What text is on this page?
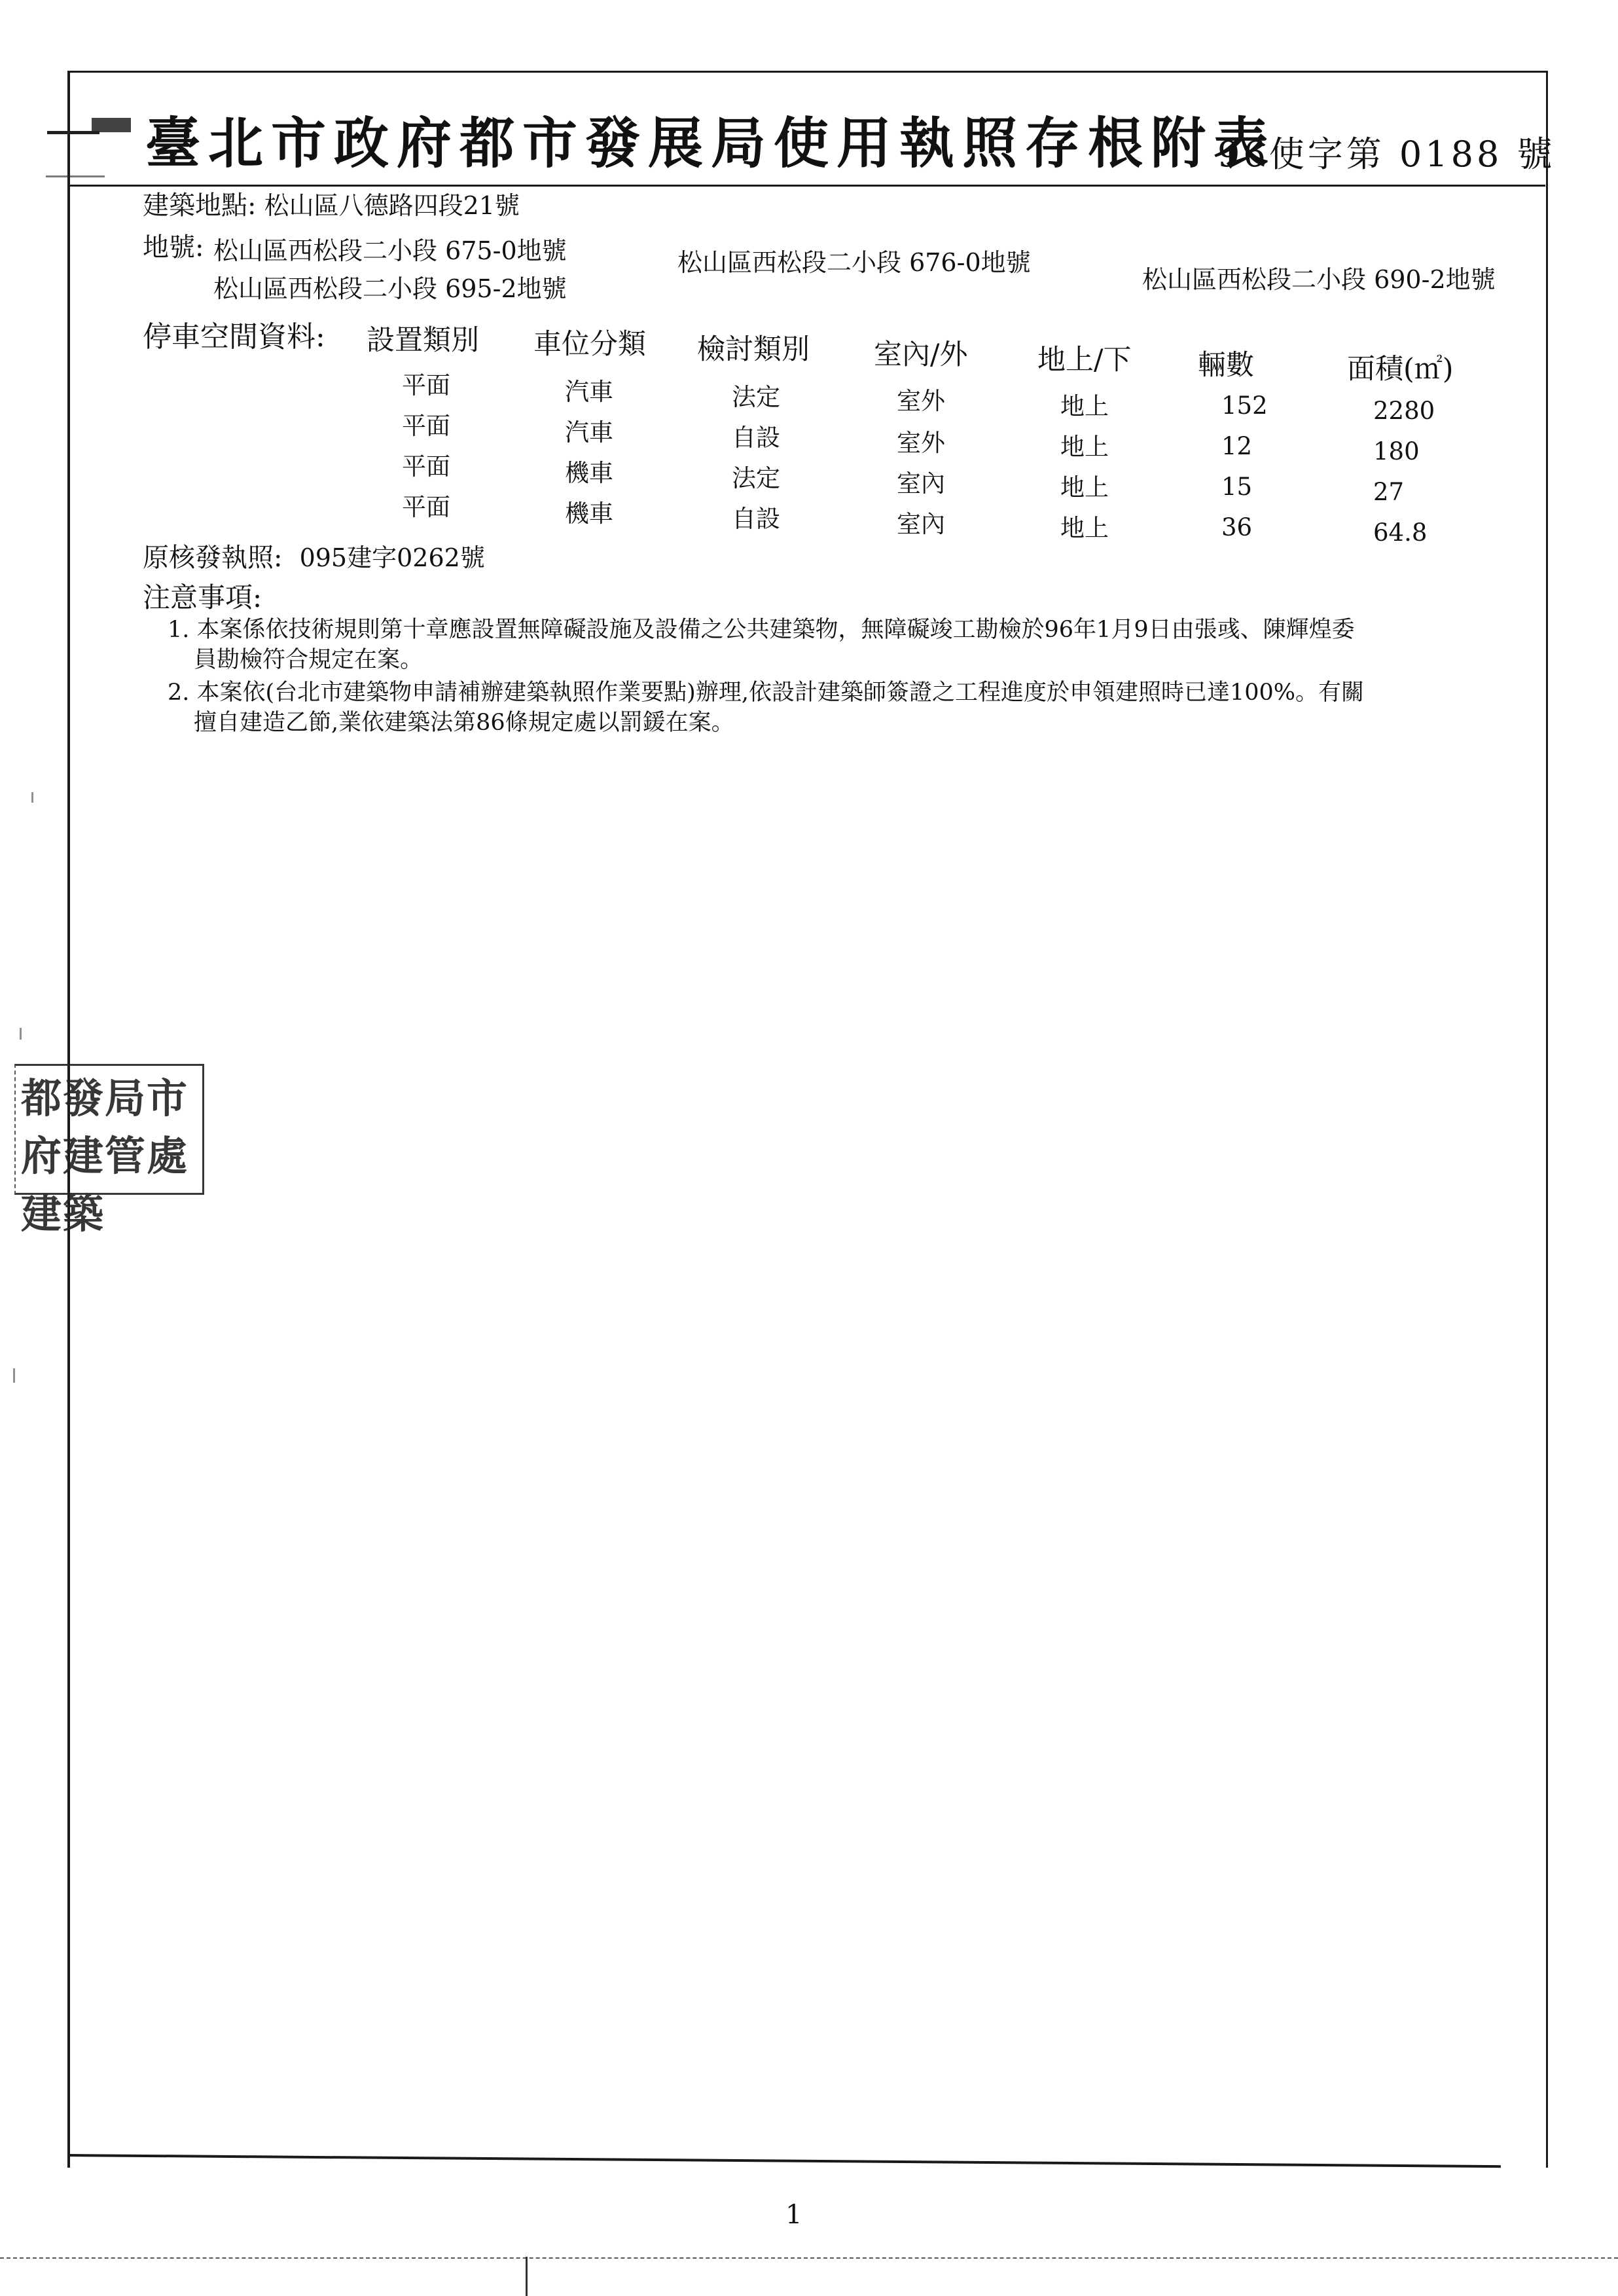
臺北市政府都市發展局使用執照存根附表
96使字第 0188 號
建築地點: 松山區八德路四段21號
地號: 松山區西松段二小段 675-0地號	松山區西松段二小段 676-0地號
松山區西松段二小段 690-2地號
松山區西松段二小段 695-2地號
停車空間資料: 設置類別 車位分類 檢討類別 室內/外 地上/下 輛數	面積(㎡)
平面	汽車	法定	室外	地上	152	2280
平面	汽車	自設	室外	地上	12	180
平面	機車	法定	室內	地上	15	27
平面	機車	自設	室內	地上	36	64.8
原核發執照: 095建字0262號
注意事項:
1. 本案係依技術規則第十章應設置無障礙設施及設備之公共建築物，無障礙竣工勘檢於96年1月9日由張彧、陳輝煌委
員勘檢符合規定在案。
2. 本案依(台北市建築物申請補辦建築執照作業要點)辦理,依設計建築師簽證之工程進度於申領建照時已達100%。有關
擅自建造乙節,業依建築法第86條規定處以罰鍰在案。
都發局市府建管處建築
1
